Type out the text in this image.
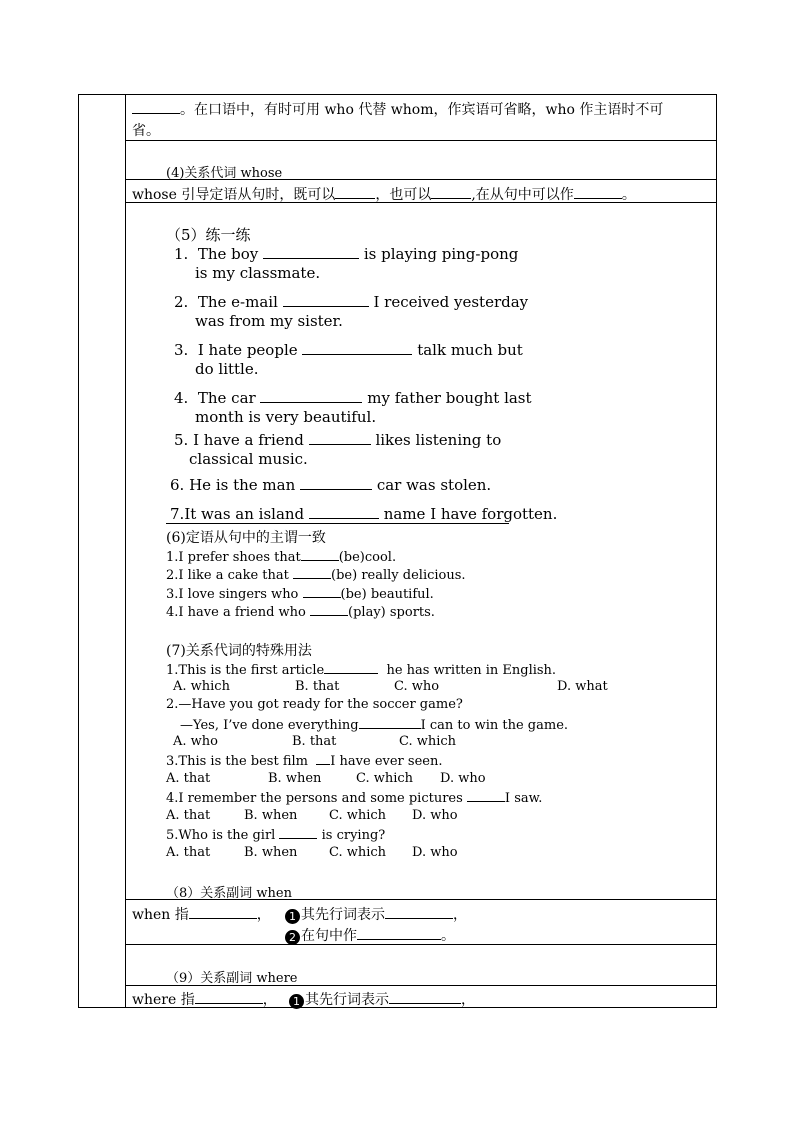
。在口语中，有时可用 who 代替 whom，作宾语可省略，who 作主语时不可
省。
(4)关系代词 whose
whose 引导定语从句时，既可以	，也可以	,在从句中可以作	。
（5）练一练
1. The boy	is playing ping-pong
is my classmate.
2. The e-mail	I received yesterday
was from my sister.
3. I hate people	talk much but
do little.
4. The car	my father bought last
month is very beautiful.
5. I have a friend	likes listening to
classical music.
6. He is the man	car was stolen.
7.It was an island	name I have forgotten.
(6)定语从句中的主谓一致
1.I prefer shoes that	(be)cool.
2.I like a cake that	(be) really delicious.
3.I love singers who	(be) beautiful.
4.I have a friend who	(play) sports.
(7)关系代词的特殊用法
1.This is the first article	he has written in English.
A. which	B. that	C. who	D. what
2.—Have you got ready for the soccer game?
—Yes, I’ve done everything	I can to win the game.
A. who	B. that	C. which
3.This is the best film I have ever seen.
A. that	B. when	C. which D. who
4.I remember the persons and some pictures	I saw.
A. that	B. when C. which D. who
5.Who is the girl	is crying?
A. that	B. when C. which D. who
（8）关系副词 when
when 指	，	1 其先行词表示	，
2 在句中作	。
（9）关系副词 where
where 指	，	1 其先行词表示	，
